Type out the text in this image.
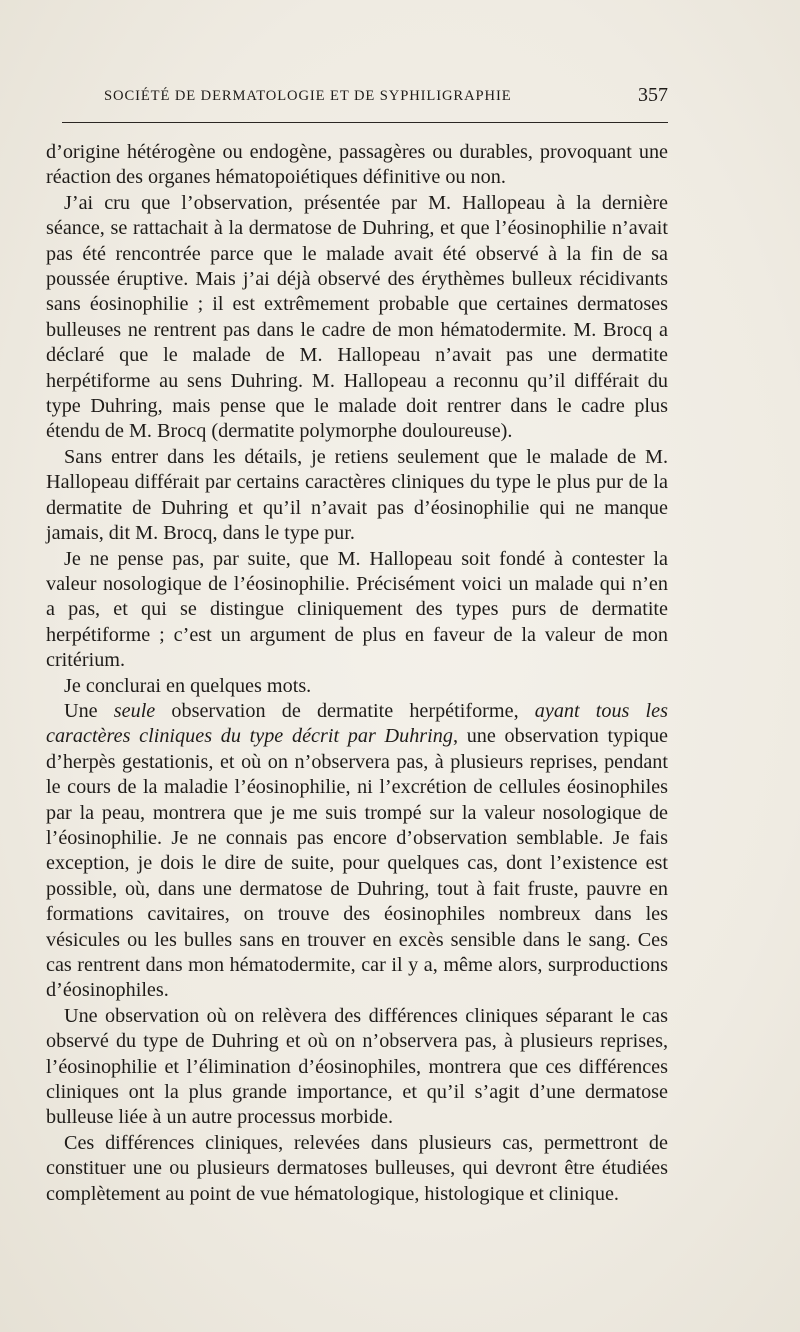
SOCIÉTÉ DE DERMATOLOGIE ET DE SYPHILIGRAPHIE	357

d’origine hétérogène ou endogène, passagères ou durables, provoquant une réaction des organes hématopoiétiques définitive ou non.

J’ai cru que l’observation, présentée par M. Hallopeau à la dernière séance, se rattachait à la dermatose de Duhring, et que l’éosinophilie n’avait pas été rencontrée parce que le malade avait été observé à la fin de sa poussée éruptive. Mais j’ai déjà observé des érythèmes bulleux récidivants sans éosinophilie ; il est extrêmement probable que certaines dermatoses bulleuses ne rentrent pas dans le cadre de mon hématodermite. M. Brocq a déclaré que le malade de M. Hallopeau n’avait pas une dermatite herpétiforme au sens Duhring. M. Hallopeau a reconnu qu’il différait du type Duhring, mais pense que le malade doit rentrer dans le cadre plus étendu de M. Brocq (dermatite polymorphe douloureuse).

Sans entrer dans les détails, je retiens seulement que le malade de M. Hallopeau différait par certains caractères cliniques du type le plus pur de la dermatite de Duhring et qu’il n’avait pas d’éosinophilie qui ne manque jamais, dit M. Brocq, dans le type pur.

Je ne pense pas, par suite, que M. Hallopeau soit fondé à contester la valeur nosologique de l’éosinophilie. Précisément voici un malade qui n’en a pas, et qui se distingue cliniquement des types purs de dermatite herpétiforme ; c’est un argument de plus en faveur de la valeur de mon critérium.

Je conclurai en quelques mots.

Une seule observation de dermatite herpétiforme, ayant tous les caractères cliniques du type décrit par Duhring, une observation typique d’herpès gestationis, et où on n’observera pas, à plusieurs reprises, pendant le cours de la maladie l’éosinophilie, ni l’excrétion de cellules éosinophiles par la peau, montrera que je me suis trompé sur la valeur nosologique de l’éosinophilie. Je ne connais pas encore d’observation semblable. Je fais exception, je dois le dire de suite, pour quelques cas, dont l’existence est possible, où, dans une dermatose de Duhring, tout à fait fruste, pauvre en formations cavitaires, on trouve des éosinophiles nombreux dans les vésicules ou les bulles sans en trouver en excès sensible dans le sang. Ces cas rentrent dans mon hématodermite, car il y a, même alors, surproductions d’éosinophiles.

Une observation où on relèvera des différences cliniques séparant le cas observé du type de Duhring et où on n’observera pas, à plusieurs reprises, l’éosinophilie et l’élimination d’éosinophiles, montrera que ces différences cliniques ont la plus grande importance, et qu’il s’agit d’une dermatose bulleuse liée à un autre processus morbide.

Ces différences cliniques, relevées dans plusieurs cas, permettront de constituer une ou plusieurs dermatoses bulleuses, qui devront être étudiées complètement au point de vue hématologique, histologique et clinique.
